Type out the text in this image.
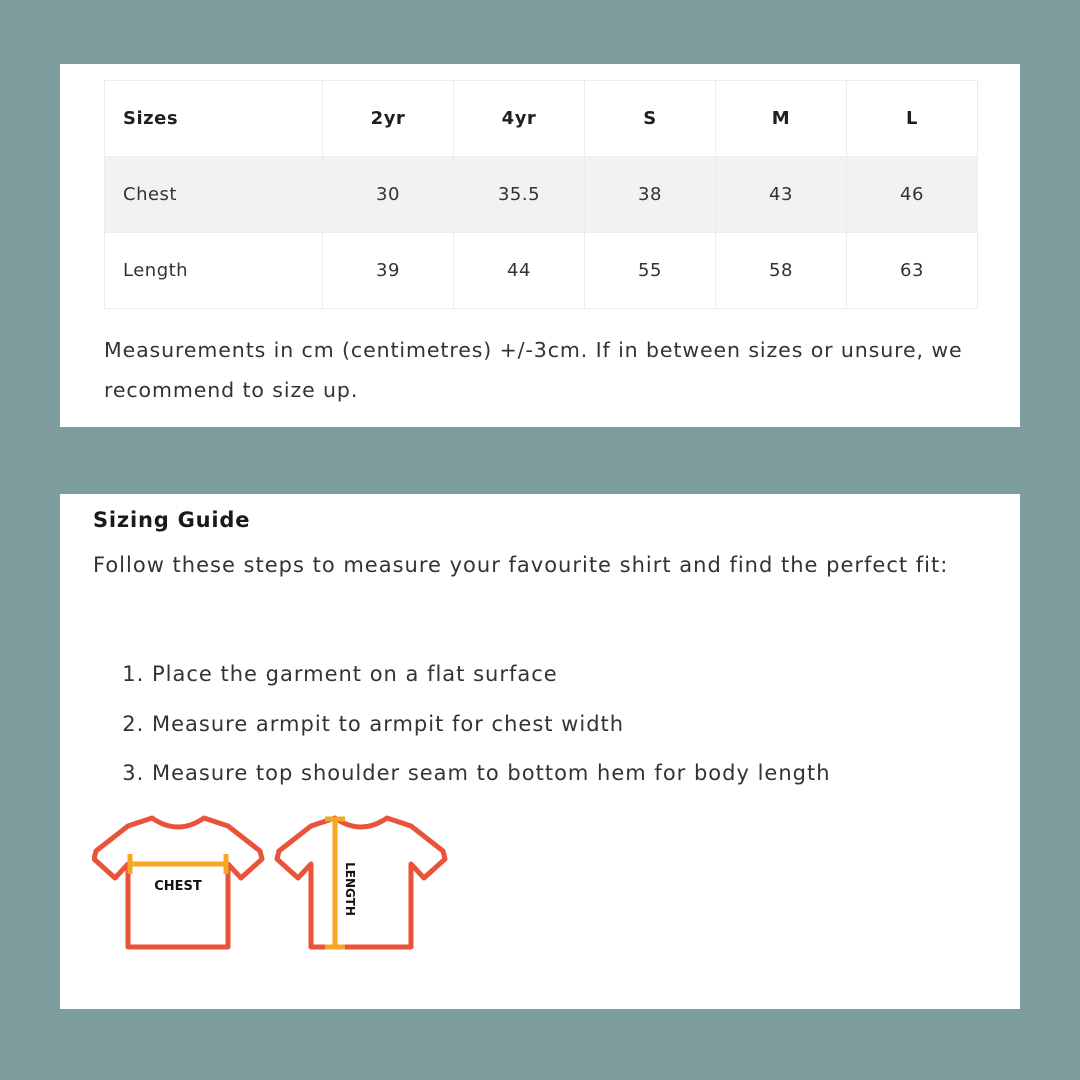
Sizes	2yr	4yr	S	M	L
Chest	30	35.5	38	43	46
Length	39	44	55	58	63
Measurements in cm (centimetres) +/-3cm. If in between sizes or unsure, we recommend to size up.
Sizing Guide
Follow these steps to measure your favourite shirt and find the perfect fit:
1. Place the garment on a flat surface
2. Measure armpit to armpit for chest width
3. Measure top shoulder seam to bottom hem for body length
CHEST	LENGTH
